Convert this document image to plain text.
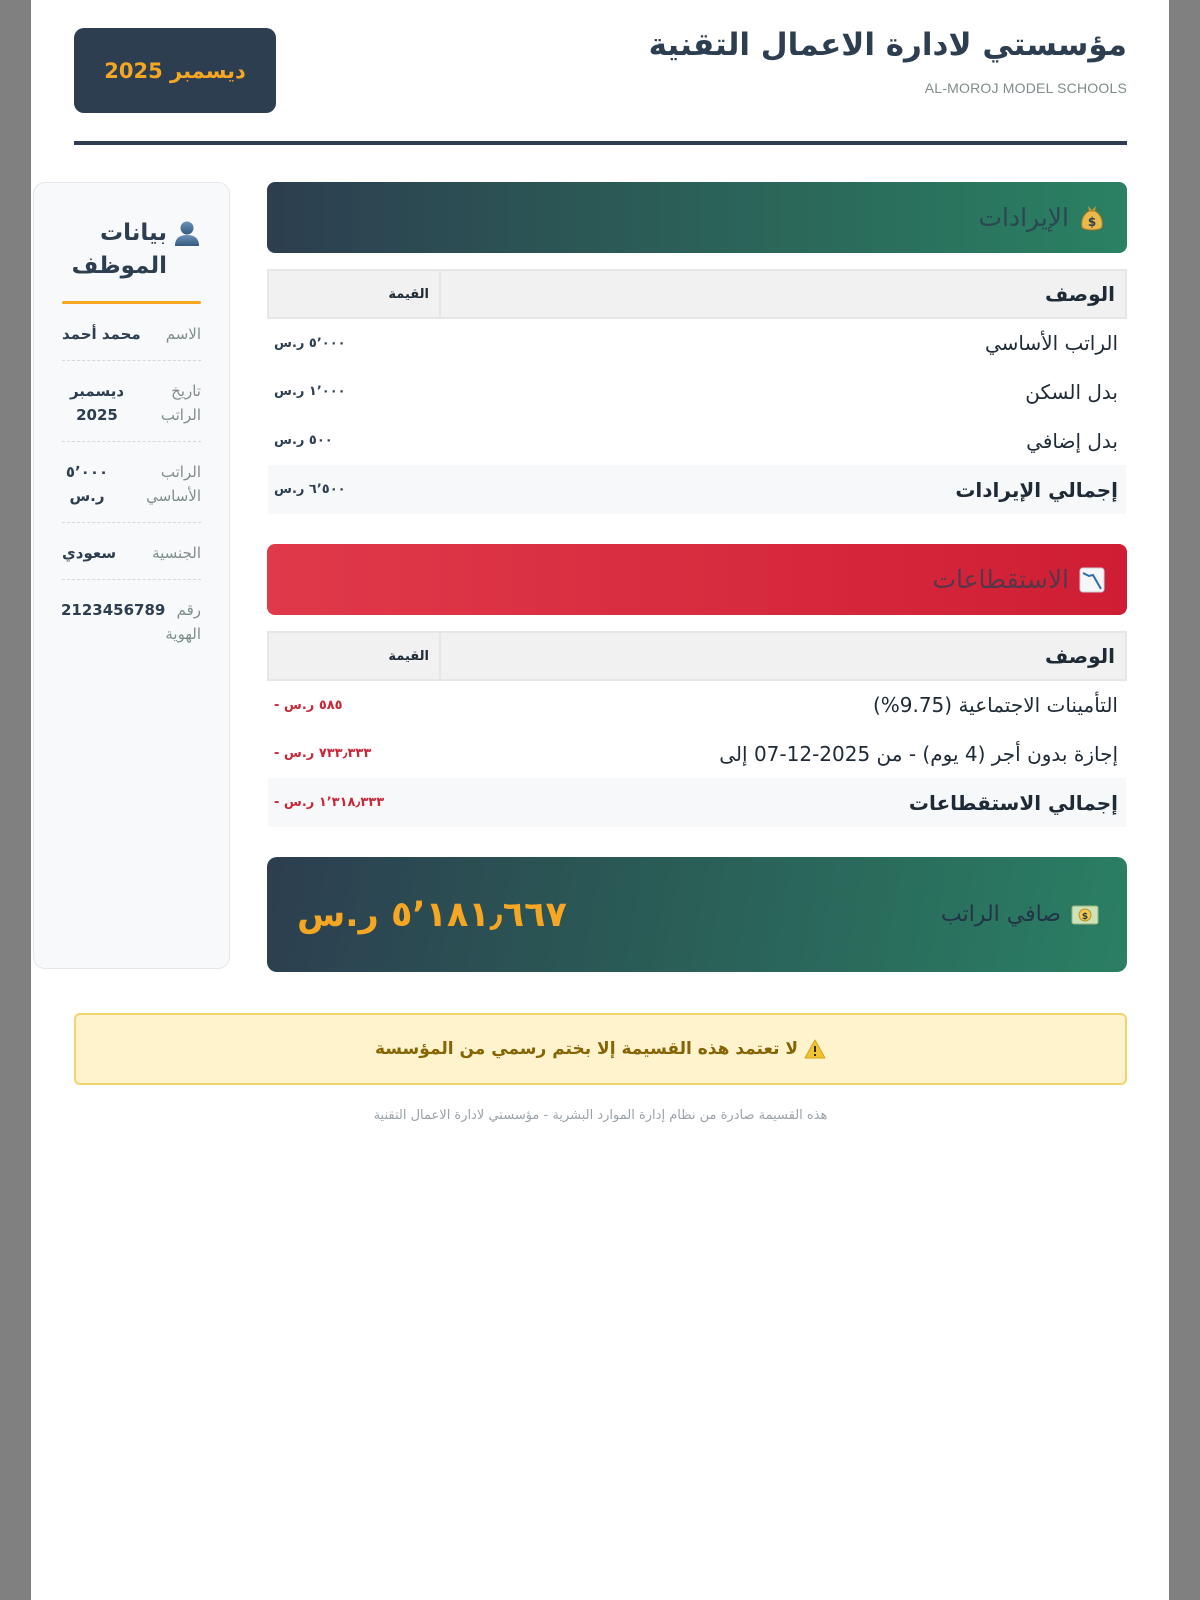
مؤسستي لادارة الاعمال التقنية
AL-MOROJ MODEL SCHOOLS
ديسمبر 2025
بيانات الموظف
الاسم
محمد أحمد
تاريخ الراتب
ديسمبر 2025
الراتب الأساسي
٥٬٠٠٠ ر.س
الجنسية
سعودي
رقم الهوية
2123456789
$
الإيرادات
الوصف	القيمة
الراتب الأساسي	٥٬٠٠٠ ر.س
بدل السكن	١٬٠٠٠ ر.س
بدل إضافي	٥٠٠ ر.س
إجمالي الإيرادات	٦٬٥٠٠ ر.س
الاستقطاعات
الوصف	القيمة
التأمينات الاجتماعية (9.75%)	- ٥٨٥ ر.س
إجازة بدون أجر (4 يوم) - من 2025-12-07 إلى	- ٧٣٣٫٣٣٣ ر.س
إجمالي الاستقطاعات	- ١٬٣١٨٫٣٣٣ ر.س
$
صافي الراتب
٥٬١٨١٫٦٦٧ ر.س
لا تعتمد هذه القسيمة إلا بختم رسمي من المؤسسة
هذه القسيمة صادرة من نظام إدارة الموارد البشرية - مؤسستي لادارة الاعمال التقنية
